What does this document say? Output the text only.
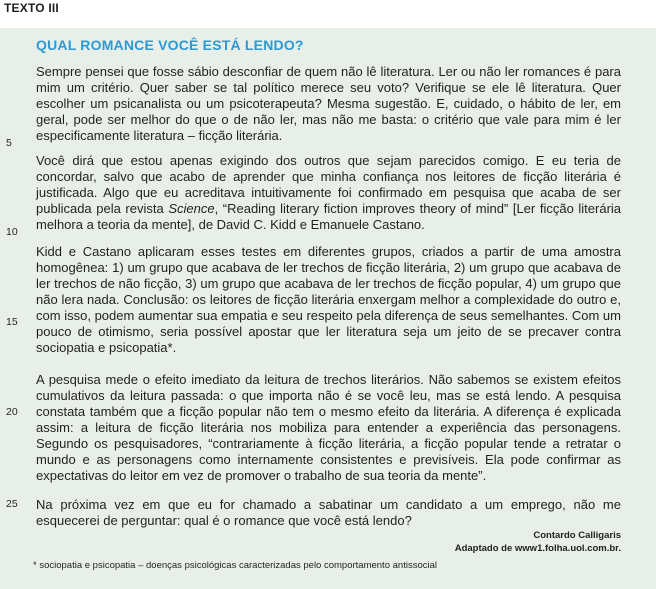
TEXTO III
QUAL ROMANCE VOCÊ ESTÁ LENDO?

Sempre pensei que fosse sábio desconfiar de quem não lê literatura. Ler ou não ler romances é para mim um critério. Quer saber se tal político merece seu voto? Verifique se ele lê literatura. Quer escolher um psicanalista ou um psicoterapeuta? Mesma sugestão. E, cuidado, o hábito de ler, em geral, pode ser melhor do que o de não ler, mas não me basta: o critério que vale para mim é ler especificamente literatura – ficção literária.

Você dirá que estou apenas exigindo dos outros que sejam parecidos comigo. E eu teria de concordar, salvo que acabo de aprender que minha confiança nos leitores de ficção literária é justificada. Algo que eu acreditava intuitivamente foi confirmado em pesquisa que acaba de ser publicada pela revista Science, “Reading literary fiction improves theory of mind” [Ler ficção literária melhora a teoria da mente], de David C. Kidd e Emanuele Castano.

Kidd e Castano aplicaram esses testes em diferentes grupos, criados a partir de uma amostra homogênea: 1) um grupo que acabava de ler trechos de ficção literária, 2) um grupo que acabava de ler trechos de não ficção, 3) um grupo que acabava de ler trechos de ficção popular, 4) um grupo que não lera nada. Conclusão: os leitores de ficção literária enxergam melhor a complexidade do outro e, com isso, podem aumentar sua empatia e seu respeito pela diferença de seus semelhantes. Com um pouco de otimismo, seria possível apostar que ler literatura seja um jeito de se precaver contra sociopatia e psicopatia*.

A pesquisa mede o efeito imediato da leitura de trechos literários. Não sabemos se existem efeitos cumulativos da leitura passada: o que importa não é se você leu, mas se está lendo. A pesquisa constata também que a ficção popular não tem o mesmo efeito da literária. A diferença é explicada assim: a leitura de ficção literária nos mobiliza para entender a experiência das personagens. Segundo os pesquisadores, “contrariamente à ficção literária, a ficção popular tende a retratar o mundo e as personagens como internamente consistentes e previsíveis. Ela pode confirmar as expectativas do leitor em vez de promover o trabalho de sua teoria da mente”.

Na próxima vez em que eu for chamado a sabatinar um candidato a um emprego, não me esquecerei de perguntar: qual é o romance que você está lendo?

5
10
15
20
25
Contardo Calligaris
Adaptado de www1.folha.uol.com.br.
* sociopatia e psicopatia – doenças psicológicas caracterizadas pelo comportamento antissocial
